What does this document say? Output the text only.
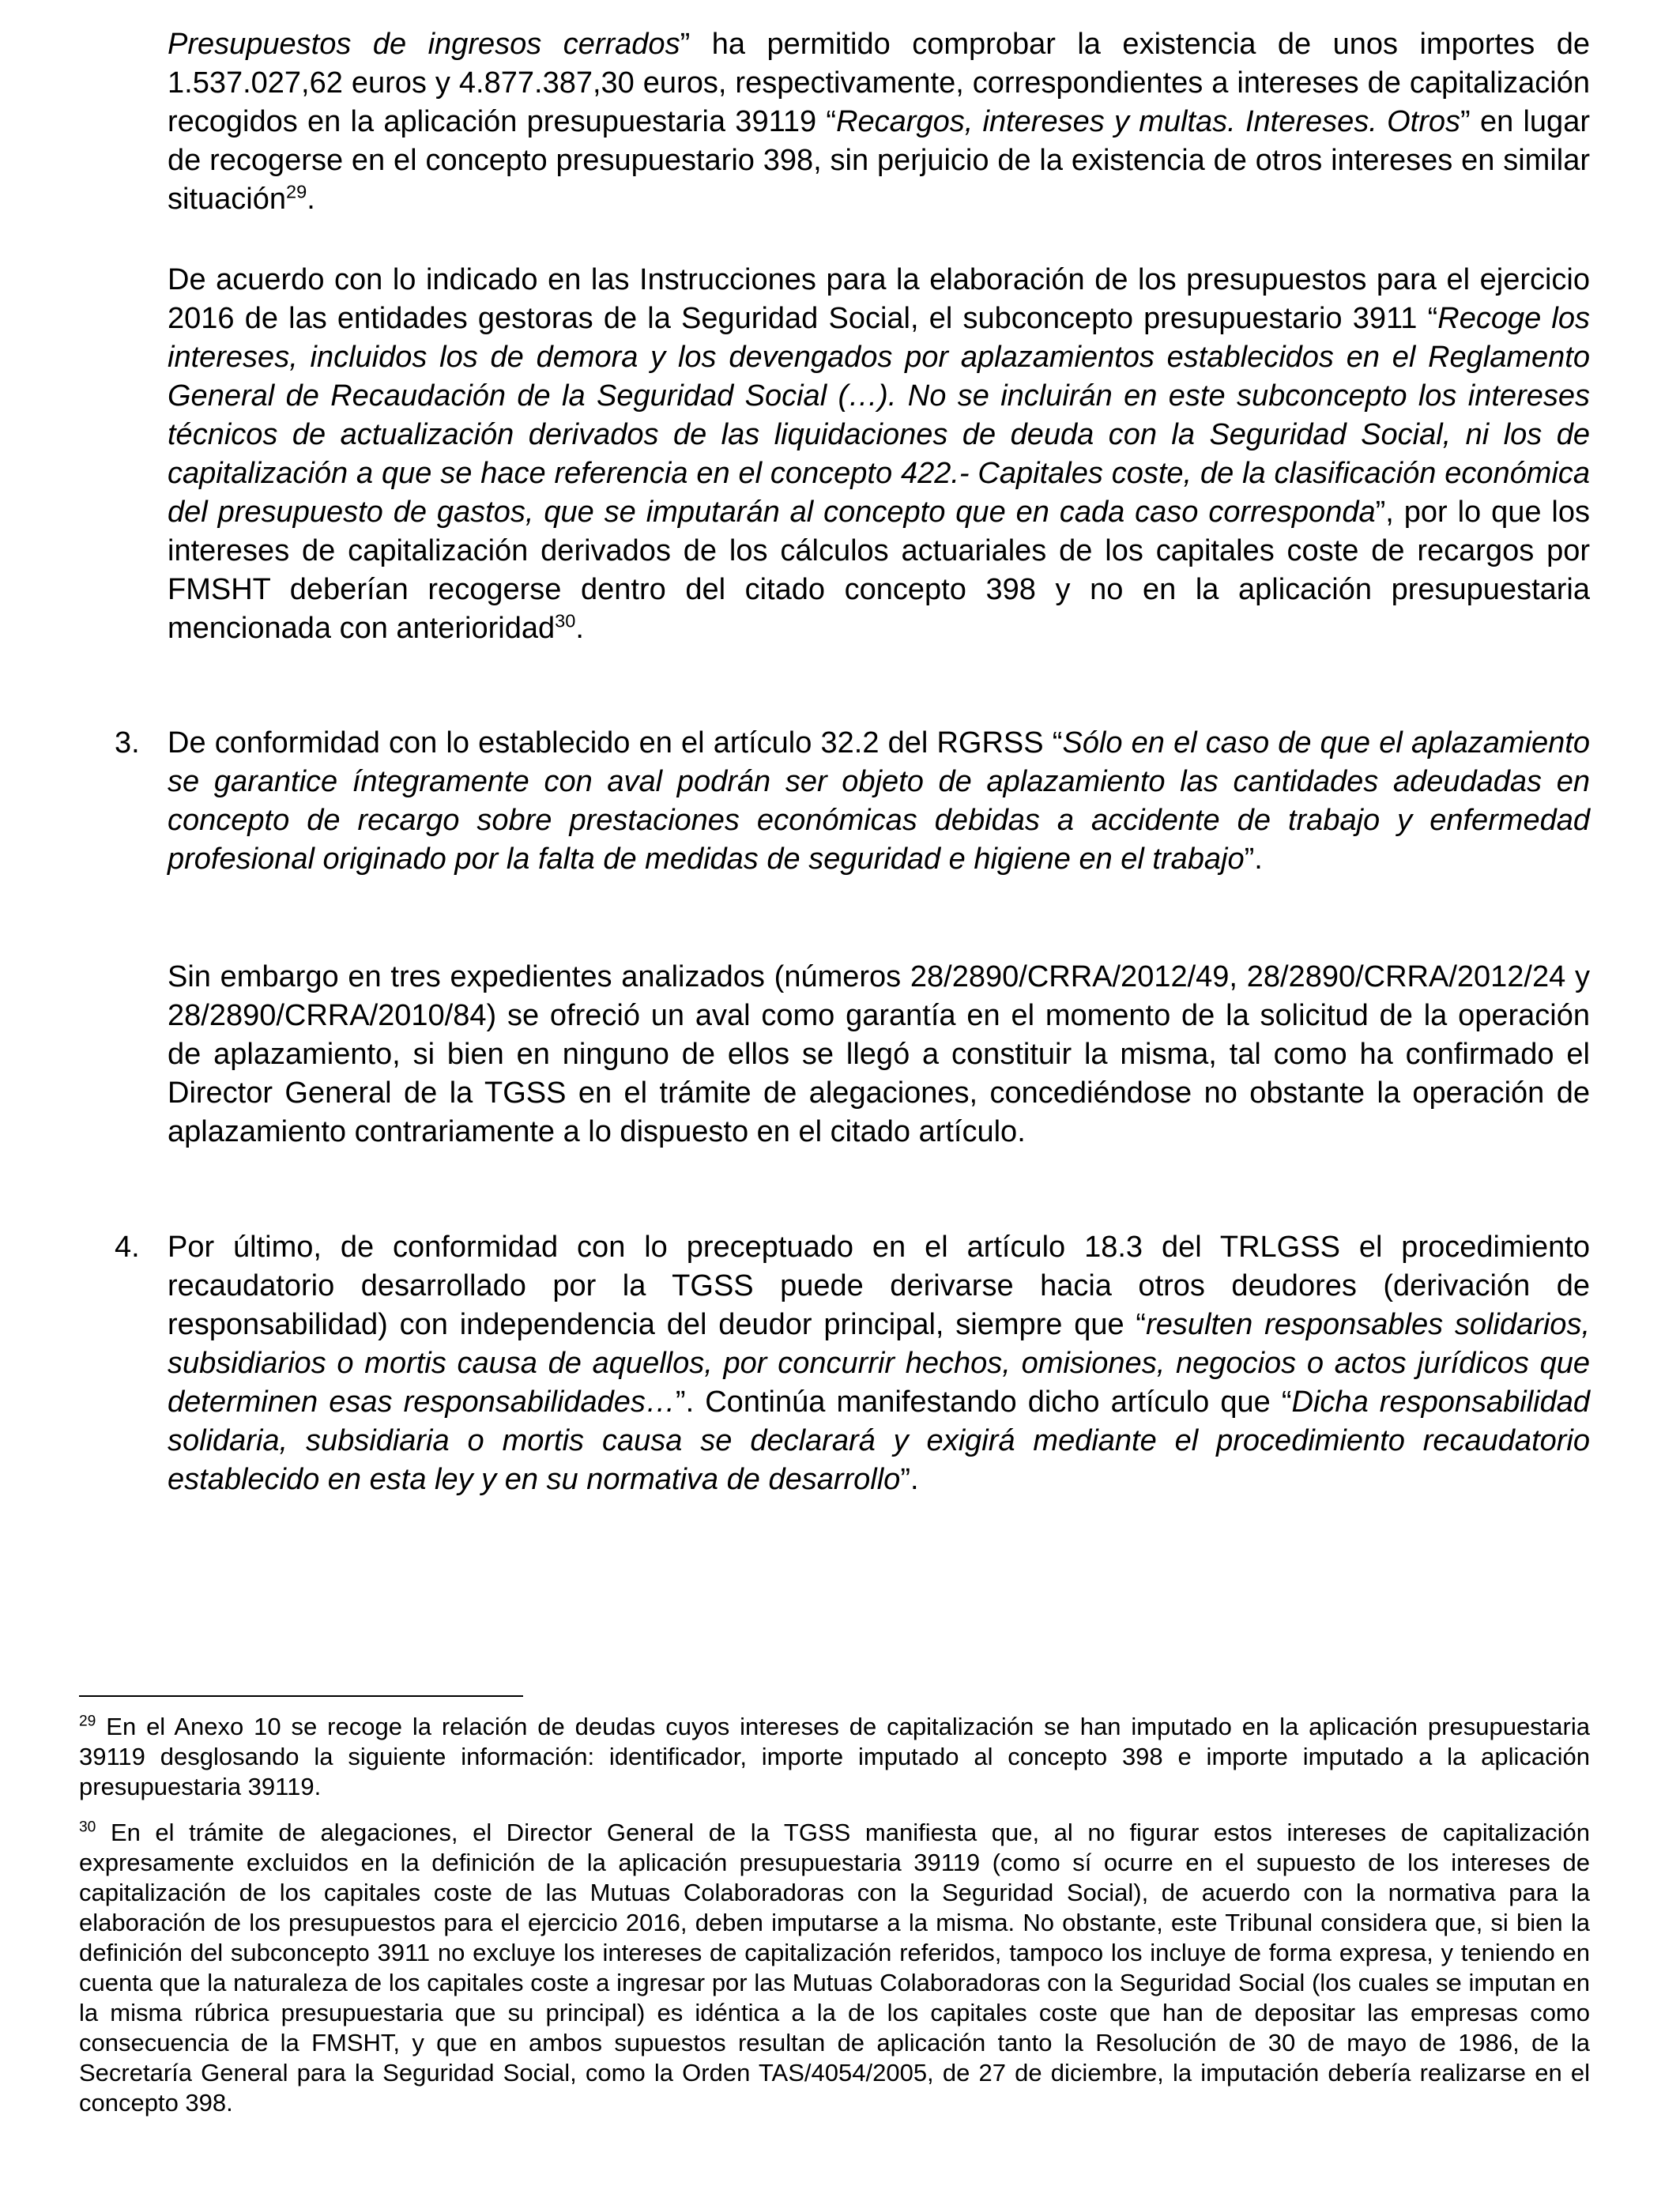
Presupuestos de ingresos cerrados” ha permitido comprobar la existencia de unos importes de 1.537.027,62 euros y 4.877.387,30 euros, respectivamente, correspondientes a intereses de capitalización recogidos en la aplicación presupuestaria 39119 “Recargos, intereses y multas. Intereses. Otros” en lugar de recogerse en el concepto presupuestario 398, sin perjuicio de la existencia de otros intereses en similar situación$^{29}$.

De acuerdo con lo indicado en las Instrucciones para la elaboración de los presupuestos para el ejercicio 2016 de las entidades gestoras de la Seguridad Social, el subconcepto presupuestario 3911 “Recoge los intereses, incluidos los de demora y los devengados por aplazamientos establecidos en el Reglamento General de Recaudación de la Seguridad Social (…). No se incluirán en este subconcepto los intereses técnicos de actualización derivados de las liquidaciones de deuda con la Seguridad Social, ni los de capitalización a que se hace referencia en el concepto 422.- Capitales coste, de la clasificación económica del presupuesto de gastos, que se imputarán al concepto que en cada caso corresponda”, por lo que los intereses de capitalización derivados de los cálculos actuariales de los capitales coste de recargos por FMSHT deberían recogerse dentro del citado concepto 398 y no en la aplicación presupuestaria mencionada con anterioridad$^{30}$.

3. De conformidad con lo establecido en el artículo 32.2 del RGRSS “Sólo en el caso de que el aplazamiento se garantice íntegramente con aval podrán ser objeto de aplazamiento las cantidades adeudadas en concepto de recargo sobre prestaciones económicas debidas a accidente de trabajo y enfermedad profesional originado por la falta de medidas de seguridad e higiene en el trabajo”.

Sin embargo en tres expedientes analizados (números 28/2890/CRRA/2012/49, 28/2890/CRRA/2012/24 y 28/2890/CRRA/2010/84) se ofreció un aval como garantía en el momento de la solicitud de la operación de aplazamiento, si bien en ninguno de ellos se llegó a constituir la misma, tal como ha confirmado el Director General de la TGSS en el trámite de alegaciones, concediéndose no obstante la operación de aplazamiento contrariamente a lo dispuesto en el citado artículo.

4. Por último, de conformidad con lo preceptuado en el artículo 18.3 del TRLGSS el procedimiento recaudatorio desarrollado por la TGSS puede derivarse hacia otros deudores (derivación de responsabilidad) con independencia del deudor principal, siempre que “resulten responsables solidarios, subsidiarios o mortis causa de aquellos, por concurrir hechos, omisiones, negocios o actos jurídicos que determinen esas responsabilidades…”. Continúa manifestando dicho artículo que “Dicha responsabilidad solidaria, subsidiaria o mortis causa se declarará y exigirá mediante el procedimiento recaudatorio establecido en esta ley y en su normativa de desarrollo”.

$^{29}$ En el Anexo 10 se recoge la relación de deudas cuyos intereses de capitalización se han imputado en la aplicación presupuestaria 39119 desglosando la siguiente información: identificador, importe imputado al concepto 398 e importe imputado a la aplicación presupuestaria 39119.

$^{30}$ En el trámite de alegaciones, el Director General de la TGSS manifiesta que, al no figurar estos intereses de capitalización expresamente excluidos en la definición de la aplicación presupuestaria 39119 (como sí ocurre en el supuesto de los intereses de capitalización de los capitales coste de las Mutuas Colaboradoras con la Seguridad Social), de acuerdo con la normativa para la elaboración de los presupuestos para el ejercicio 2016, deben imputarse a la misma. No obstante, este Tribunal considera que, si bien la definición del subconcepto 3911 no excluye los intereses de capitalización referidos, tampoco los incluye de forma expresa, y teniendo en cuenta que la naturaleza de los capitales coste a ingresar por las Mutuas Colaboradoras con la Seguridad Social (los cuales se imputan en la misma rúbrica presupuestaria que su principal) es idéntica a la de los capitales coste que han de depositar las empresas como consecuencia de la FMSHT, y que en ambos supuestos resultan de aplicación tanto la Resolución de 30 de mayo de 1986, de la Secretaría General para la Seguridad Social, como la Orden TAS/4054/2005, de 27 de diciembre, la imputación debería realizarse en el concepto 398.
